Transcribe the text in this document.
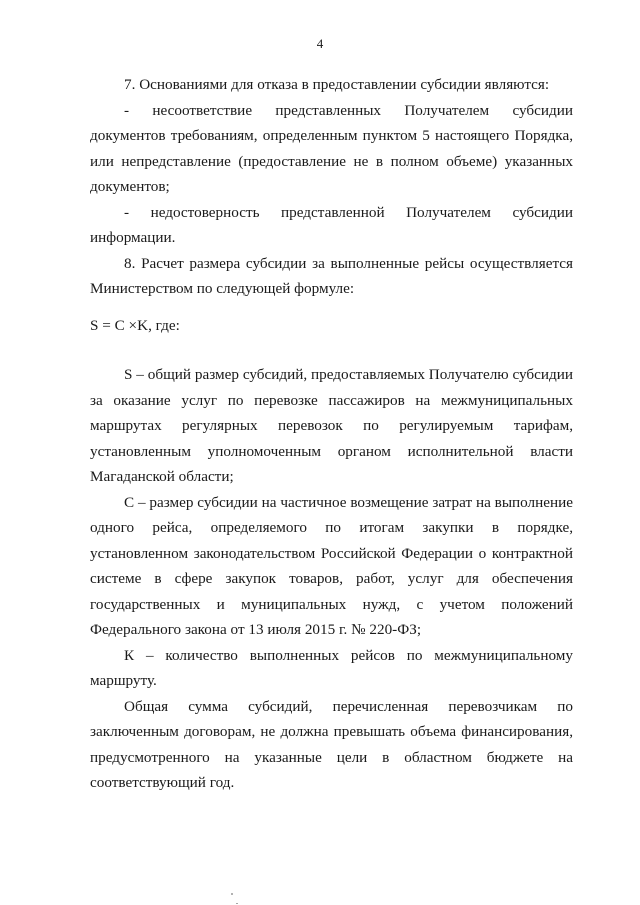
4

7. Основаниями для отказа в предоставлении субсидии являются:

- несоответствие представленных Получателем субсидии документов требованиям, определенным пунктом 5 настоящего Порядка, или непредставление (предоставление не в полном объеме) указанных документов;

- недостоверность представленной Получателем субсидии

информации.

8. Расчет размера субсидии за выполненные рейсы осуществляется Министерством по следующей формуле:

S = C ×K, где:

S – общий размер субсидий, предоставляемых Получателю субсидии за оказание услуг по перевозке пассажиров на межмуниципальных маршрутах регулярных перевозок по регулируемым тарифам, установленным уполномоченным органом исполнительной власти Магаданской области;

С – размер субсидии на частичное возмещение затрат на выполнение одного рейса, определяемого по итогам закупки в порядке, установленном законодательством Российской Федерации о контрактной системе в сфере закупок товаров, работ, услуг для обеспечения государственных и муниципальных нужд, с учетом положений Федерального закона от 13 июля 2015 г. № 220-ФЗ;

К – количество выполненных рейсов по межмуниципальному маршруту.

Общая сумма субсидий, перечисленная перевозчикам по заключенным договорам, не должна превышать объема финансирования, предусмотренного на указанные цели в областном бюджете на соответствующий год.
